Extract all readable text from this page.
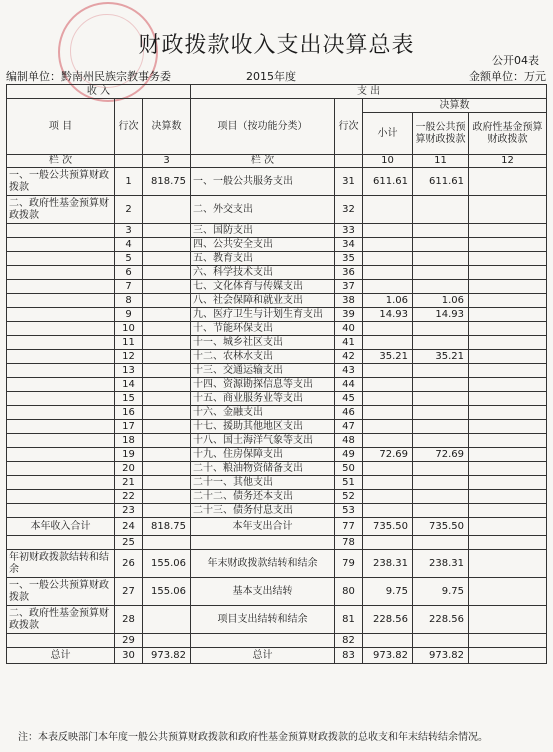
财政拨款收入支出决算总表
公开04表
编制单位：黔南州民族宗教事务委	2015年度	金额单位：万元
收 入			支 出				
项 目	行次	决算数	项目（按功能分类）	行次	决算数		
					小计	一般公共预算财政拨款	政府性基金预算财政拨款
栏 次		3	栏 次		10	11	12
一、一般公共预算财政拨款	1	818.75	一、一般公共服务支出	31	611.61	611.61	
二、政府性基金预算财政拨款	2		二、外交支出	32			
	3		三、国防支出	33			
	4		四、公共安全支出	34			
	5		五、教育支出	35			
	6		六、科学技术支出	36			
	7		七、文化体育与传媒支出	37			
	8		八、社会保障和就业支出	38	1.06	1.06	
	9		九、医疗卫生与计划生育支出	39	14.93	14.93	
	10		十、节能环保支出	40			
	11		十一、城乡社区支出	41			
	12		十二、农林水支出	42	35.21	35.21	
	13		十三、交通运输支出	43			
	14		十四、资源勘探信息等支出	44			
	15		十五、商业服务业等支出	45			
	16		十六、金融支出	46			
	17		十七、援助其他地区支出	47			
	18		十八、国土海洋气象等支出	48			
	19		十九、住房保障支出	49	72.69	72.69	
	20		二十、粮油物资储备支出	50			
	21		二十一、其他支出	51			
	22		二十二、债务还本支出	52			
	23		二十三、债务付息支出	53			
本年收入合计	24	818.75	本年支出合计	77	735.50	735.50	
	25			78			
年初财政拨款结转和结余	26	155.06	年末财政拨款结转和结余	79	238.31	238.31	
一、一般公共预算财政拨款	27	155.06	基本支出结转	80	9.75	9.75	
二、政府性基金预算财政拨款	28		项目支出结转和结余	81	228.56	228.56	
	29			82			
总计	30	973.82	总计	83	973.82	973.82	
注：本表反映部门本年度一般公共预算财政拨款和政府性基金预算财政拨款的总收支和年末结转结余情况。
